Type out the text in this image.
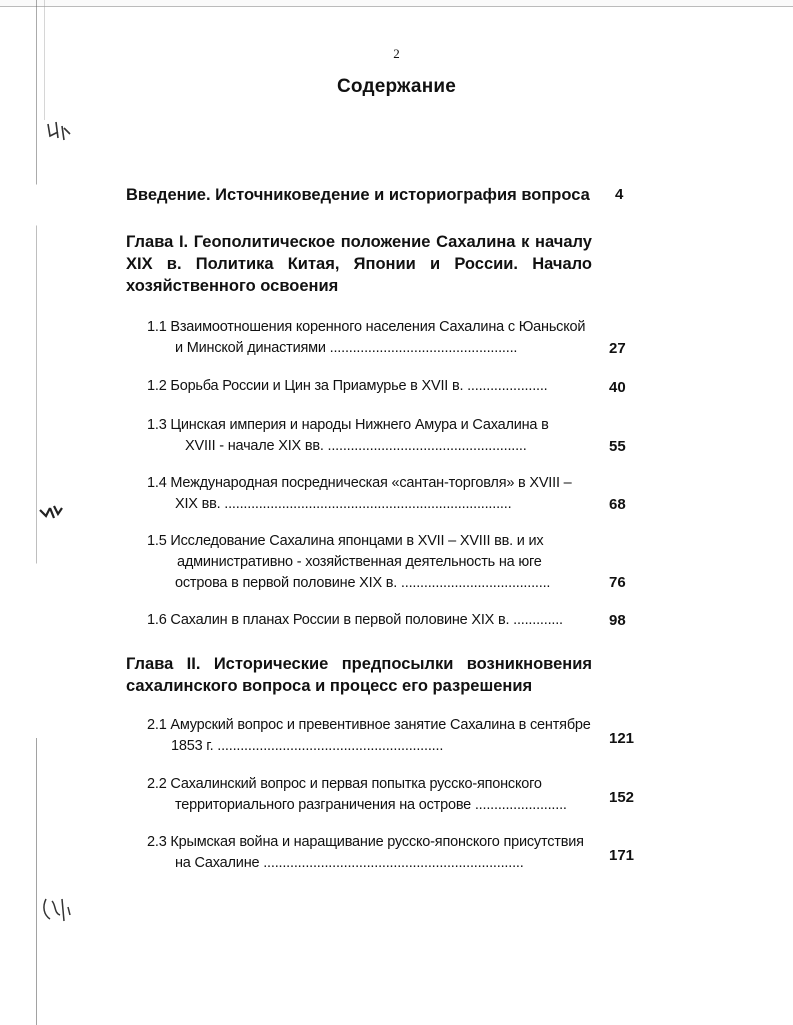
2
Содержание
Введение. Источниковедение и историография вопроса 4
Глава I. Геополитическое положение Сахалина к началу
XIX в. Политика Китая, Японии и России. Начало
хозяйственного освоения
1.1 Взаимоотношения коренного населения Сахалина с Юаньской
и Минской династиями .................................................	27
1.2 Борьба России и Цин за Приамурье в XVII в. .....................	40
1.3 Цинская империя и народы Нижнего Амура и Сахалина в
XVIII - начале XIX вв. ....................................................	55
1.4 Международная посредническая «сантан-торговля» в XVIII –
XIX вв. ...........................................................................	68
1.5 Исследование Сахалина японцами в XVII – XVIII вв. и их
административно - хозяйственная деятельность на юге
острова в первой половине XIX в. .......................................	76
1.6 Сахалин в планах России в первой половине XIX в. .............	98
Глава II. Исторические предпосылки возникновения
сахалинского вопроса и процесс его разрешения
2.1 Амурский вопрос и превентивное занятие Сахалина в сентябре
1853 г. ...........................................................	121
2.2 Сахалинский вопрос и первая попытка русско-японского
территориального разграничения на острове ........................	152
2.3 Крымская война и наращивание русско-японского присутствия
на Сахалине ....................................................................	171
